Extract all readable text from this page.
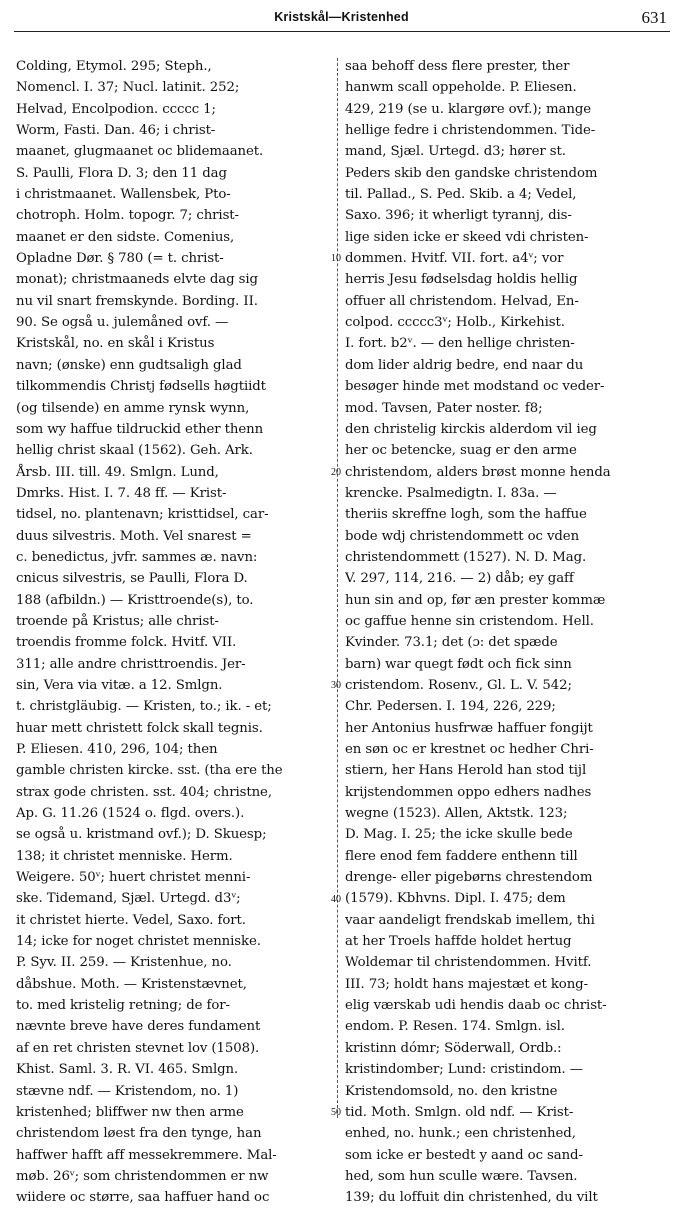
Kristskål—Kristenhed	631
Colding, Etymol. 295; Steph.,
Nomencl. I. 37; Nucl. latinit. 252;
Helvad, Encolpodion. ccccc 1;
Worm, Fasti. Dan. 46; i christ-
maanet, glugmaanet oc blidemaanet.
S. Paulli, Flora D. 3; den 11 dag
i christmaanet. Wallensbek, Pto-
chotroph. Holm. topogr. 7; christ-
maanet er den sidste. Comenius,
Opladne Dør. § 780 (= t. christ-
monat); christmaaneds elvte dag sig
nu vil snart fremskynde. Bording. II.
90. Se også u. julemåned ovf. —
Kristskål, no. en skål i Kristus
navn; (ønske) enn gudtsaligh glad
tilkommendis Christj fødsells høgtiidt
(og tilsende) en amme rynsk wynn,
som wy haffue tildruckid ether thenn
hellig christ skaal (1562). Geh. Ark.
Årsb. III. till. 49. Smlgn. Lund,
Dmrks. Hist. I. 7. 48 ff. — Krist-
tidsel, no. plantenavn; kristtidsel, car-
duus silvestris. Moth. Vel snarest =
c. benedictus, jvfr. sammes æ. navn:
cnicus silvestris, se Paulli, Flora D.
188 (afbildn.) — Kristtroende(s), to.
troende på Kristus; alle christ-
troendis fromme folck. Hvitf. VII.
311; alle andre christtroendis. Jer-
sin, Vera via vitæ. a 12. Smlgn.
t. christgläubig. — Kristen, to.; ik. - et;
huar mett christett folck skall tegnis.
P. Eliesen. 410, 296, 104; then
gamble christen kircke. sst. (tha ere the
strax gode christen. sst. 404; christne,
Ap. G. 11.26 (1524 o. flgd. overs.).
se også u. kristmand ovf.); D. Skuesp;
138; it christet menniske. Herm.
Weigere. 50ᵛ; huert christet menni-
ske. Tidemand, Sjæl. Urtegd. d3ᵛ;
it christet hierte. Vedel, Saxo. fort.
14; icke for noget christet menniske.
P. Syv. II. 259. — Kristenhue, no.
dåbshue. Moth. — Kristenstævnet,
to. med kristelig retning; de for-
nævnte breve have deres fundament
af en ret christen stevnet lov (1508).
Khist. Saml. 3. R. VI. 465. Smlgn.
stævne ndf. — Kristendom, no. 1)
kristenhed; bliffwer nw then arme
christendom løest fra den tynge, han
haffwer hafft aff messekremmere. Mal-
møb. 26ᵛ; som christendommen er nw
wiidere oc større, saa haffuer hand oc
saa behoff dess flere prester, ther
hanwm scall oppeholde. P. Eliesen.
429, 219 (se u. klargøre ovf.); mange
hellige fedre i christendommen. Tide-
mand, Sjæl. Urtegd. d3; hører st.
Peders skib den gandske christendom
til. Pallad., S. Ped. Skib. a 4; Vedel,
Saxo. 396; it wherligt tyrannj, dis-
lige siden icke er skeed vdi christen-
dommen. Hvitf. VII. fort. a4ᵛ; vor
herris Jesu fødselsdag holdis hellig
offuer all christendom. Helvad, En-
colpod. ccccc3ᵛ; Holb., Kirkehist.
I. fort. b2ᵛ. — den hellige christen-
dom lider aldrig bedre, end naar du
besøger hinde met modstand oc veder-
mod. Tavsen, Pater noster. f8;
den christelig kirckis alderdom vil ieg
her oc betencke, suag er den arme
christendom, alders brøst monne henda
krencke. Psalmedigtn. I. 83a. —
theriis skreffne logh, som the haffue
bode wdj christendommett oc vden
christendommett (1527). N. D. Mag.
V. 297, 114, 216. — 2) dåb; ey gaff
hun sin and op, før æn prester kommæ
oc gaffue henne sin cristendom. Hell.
Kvinder. 73.1; det (ɔ: det spæde
barn) war quegt født och fick sinn
cristendom. Rosenv., Gl. L. V. 542;
Chr. Pedersen. I. 194, 226, 229;
her Antonius husfrwæ haffuer fongijt
en søn oc er krestnet oc hedher Chri-
stiern, her Hans Herold han stod tijl
krijstendommen oppo edhers nadhes
wegne (1523). Allen, Aktstk. 123;
D. Mag. I. 25; the icke skulle bede
flere enod fem faddere enthenn till
drenge- eller pigebørns chrestendom
(1579). Kbhvns. Dipl. I. 475; dem
vaar aandeligt frendskab imellem, thi
at her Troels haffde holdet hertug
Woldemar til christendommen. Hvitf.
III. 73; holdt hans majestæt et kong-
elig værskab udi hendis daab oc christ-
endom. P. Resen. 174. Smlgn. isl.
kristinn dómr; Söderwall, Ordb.:
kristindomber; Lund: cristindom. —
Kristendomsold, no. den kristne
tid. Moth. Smlgn. old ndf. — Krist-
enhed, no. hunk.; een christenhed,
som icke er bestedt y aand oc sand-
hed, som hun sculle wære. Tavsen.
139; du loffuit din christenhed, du vilt
10
20
30
40
50
